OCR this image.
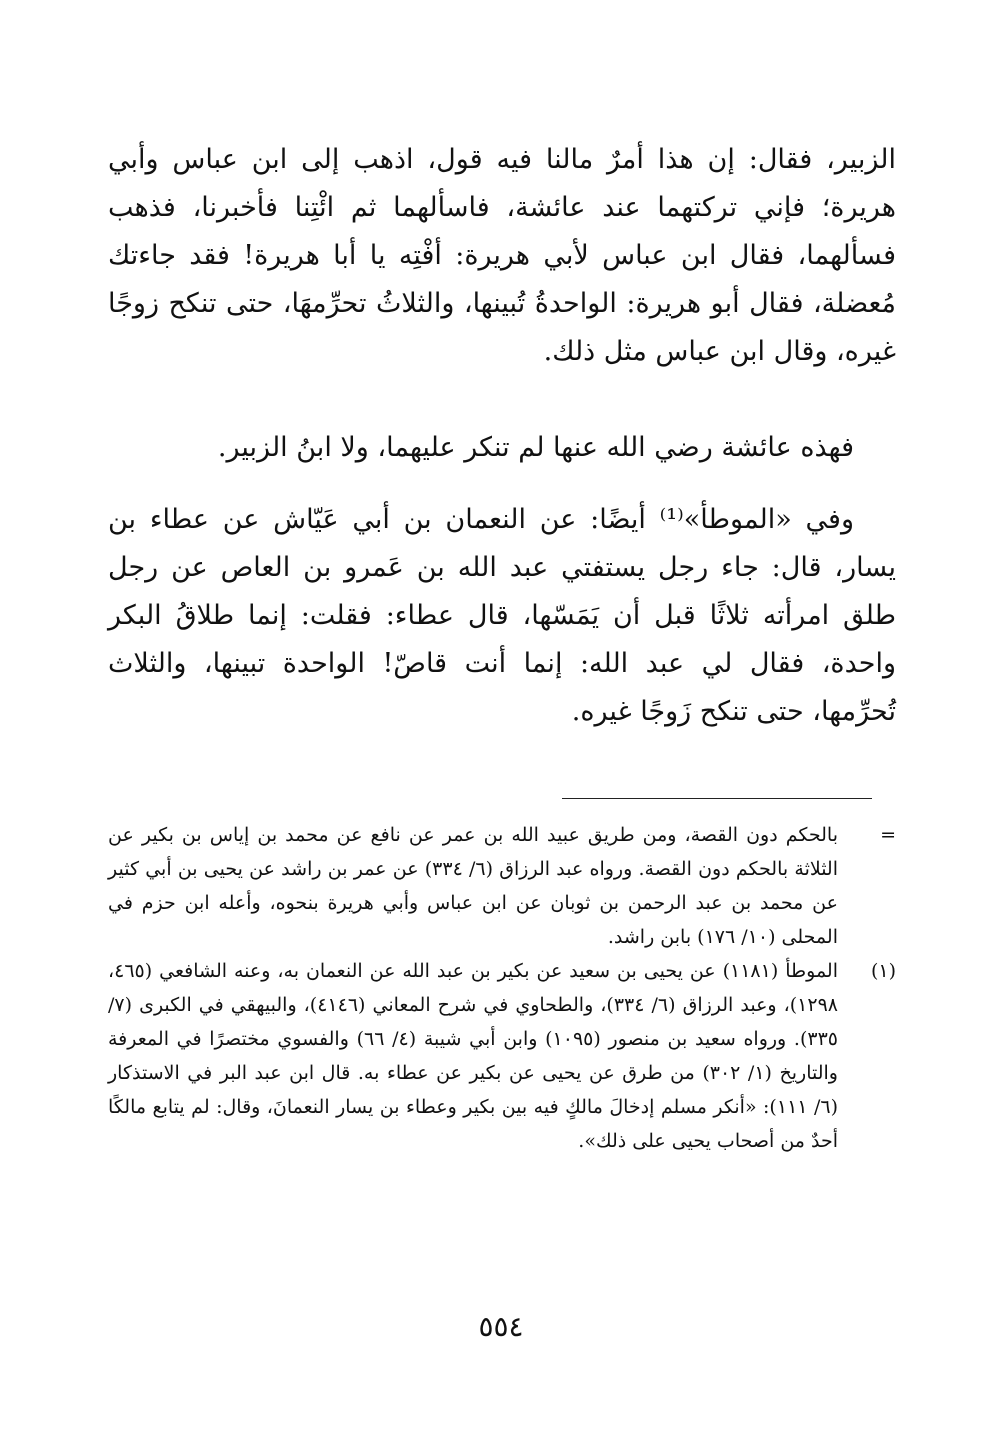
الزبير، فقال: إن هذا أمرٌ مالنا فيه قول، اذهب إلى ابن عباس وأبي هريرة؛ فإني تركتهما عند عائشة، فاسألهما ثم ائْتِنا فأخبرنا، فذهب فسألهما، فقال ابن عباس لأبي هريرة: أفْتِه يا أبا هريرة! فقد جاءتك مُعضلة، فقال أبو هريرة: الواحدةُ تُبينها، والثلاثُ تحرِّمهَا، حتى تنكح زوجًا غيره، وقال ابن عباس مثل ذلك.

فهذه عائشة رضي الله عنها لم تنكر عليهما، ولا ابنُ الزبير.

وفي «الموطأ»⁽¹⁾ أيضًا: عن النعمان بن أبي عَيّاش عن عطاء بن يسار، قال: جاء رجل يستفتي عبد الله بن عَمرو بن العاص عن رجل طلق امرأته ثلاثًا قبل أن يَمَسّها، قال عطاء: فقلت: إنما طلاقُ البكر واحدة، فقال لي عبد الله: إنما أنت قاصّ! الواحدة تبينها، والثلاث تُحرِّمها، حتى تنكح زَوجًا غيره.

=
بالحكم دون القصة، ومن طريق عبيد الله بن عمر عن نافع عن محمد بن إياس بن بكير عن الثلاثة بالحكم دون القصة. ورواه عبد الرزاق (٦/ ٣٣٤) عن عمر بن راشد عن يحيى بن أبي كثير عن محمد بن عبد الرحمن بن ثوبان عن ابن عباس وأبي هريرة بنحوه، وأعله ابن حزم في المحلى (١٠/ ١٧٦) بابن راشد.
(١)
الموطأ (١١٨١) عن يحيى بن سعيد عن بكير بن عبد الله عن النعمان به، وعنه الشافعي (٤٦٥، ١٢٩٨)، وعبد الرزاق (٦/ ٣٣٤)، والطحاوي في شرح المعاني (٤١٤٦)، والبيهقي في الكبرى (٧/ ٣٣٥). ورواه سعيد بن منصور (١٠٩٥) وابن أبي شيبة (٤/ ٦٦) والفسوي مختصرًا في المعرفة والتاريخ (١/ ٣٠٢) من طرق عن يحيى عن بكير عن عطاء به. قال ابن عبد البر في الاستذكار (٦/ ١١١): «أنكر مسلم إدخالَ مالكٍ فيه بين بكير وعطاء بن يسار النعمانَ، وقال: لم يتابع مالكًا أحدٌ من أصحاب يحيى على ذلك».
٥٥٤
